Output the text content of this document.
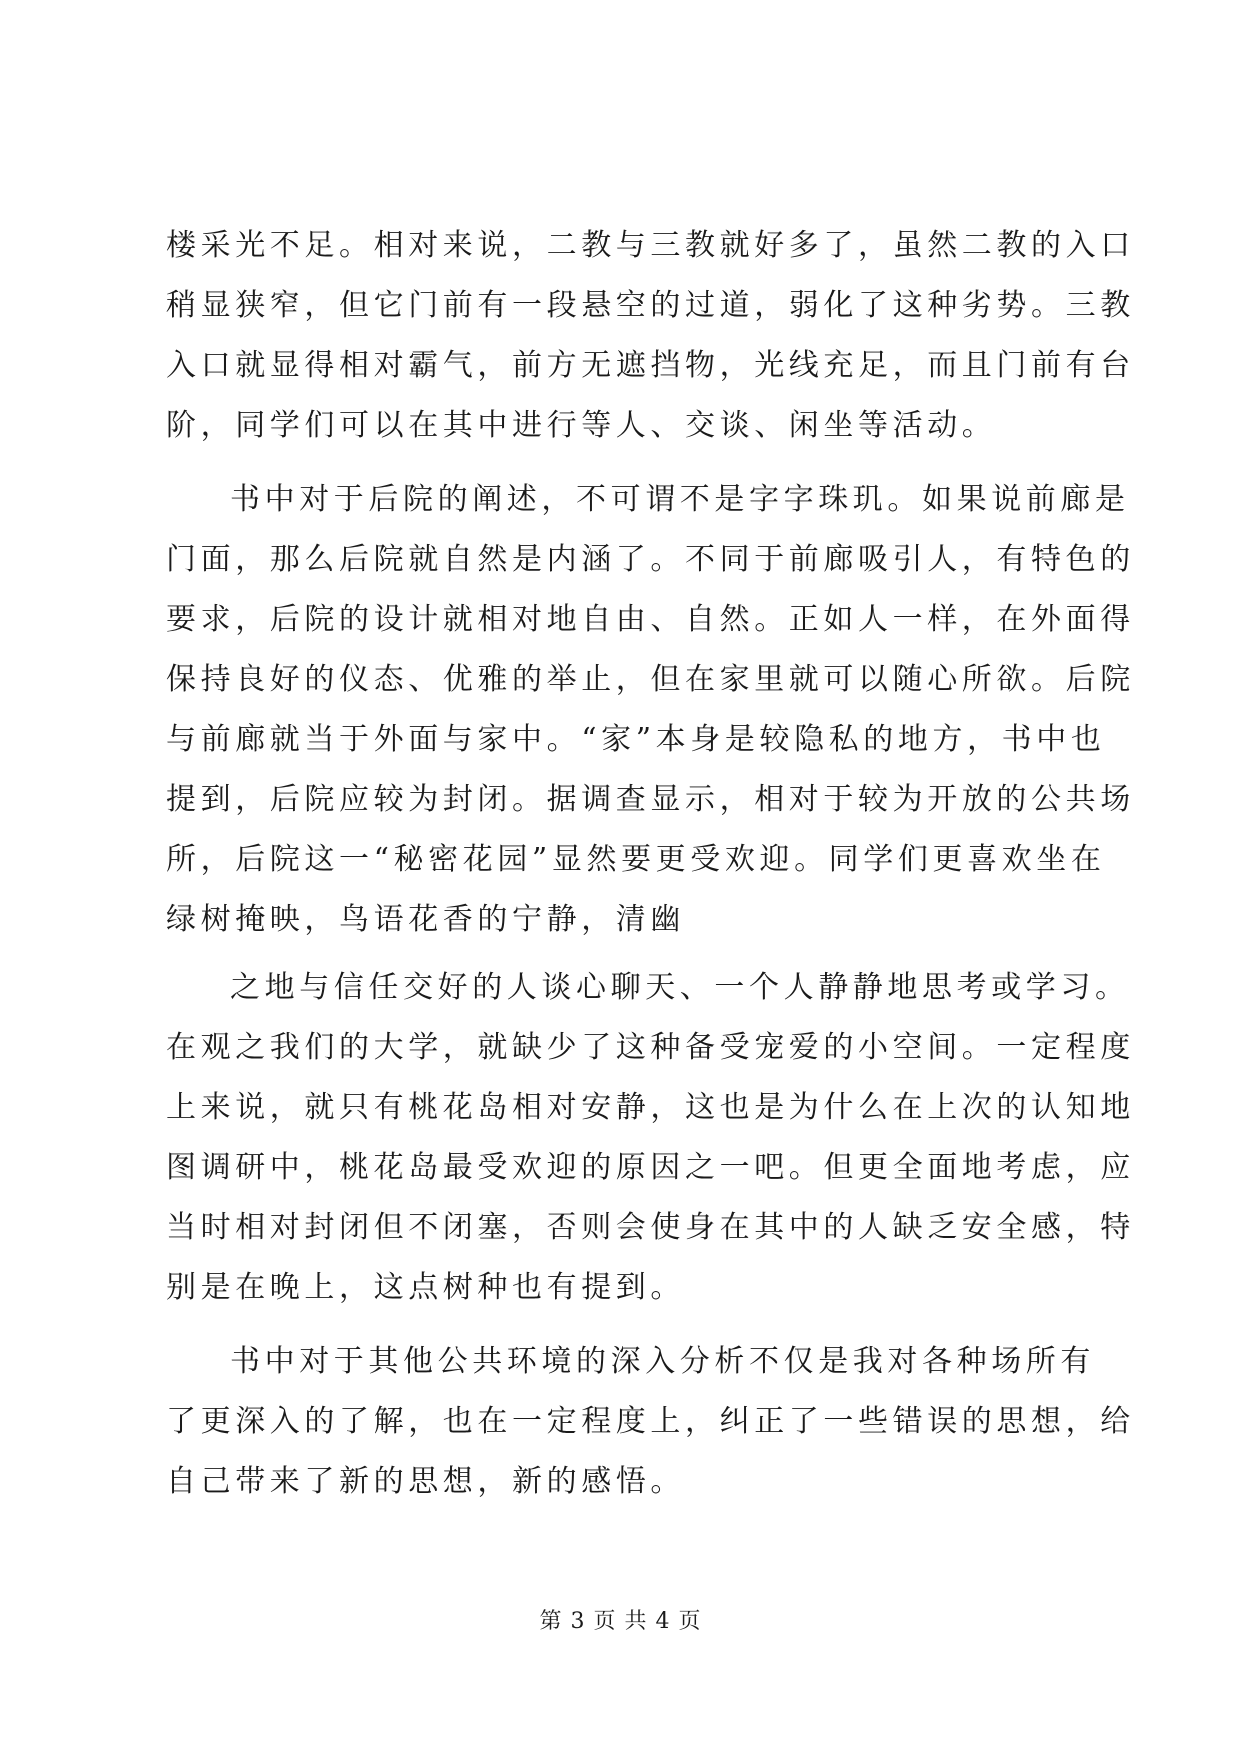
楼采光不足。相对来说，二教与三教就好多了，虽然二教的入口
稍显狭窄，但它门前有一段悬空的过道，弱化了这种劣势。三教
入口就显得相对霸气，前方无遮挡物，光线充足，而且门前有台
阶，同学们可以在其中进行等人、交谈、闲坐等活动。
书中对于后院的阐述，不可谓不是字字珠玑。如果说前廊是
门面，那么后院就自然是内涵了。不同于前廊吸引人，有特色的
要求，后院的设计就相对地自由、自然。正如人一样，在外面得
保持良好的仪态、优雅的举止，但在家里就可以随心所欲。后院
与前廊就当于外面与家中。“家”本身是较隐私的地方，书中也
提到，后院应较为封闭。据调查显示，相对于较为开放的公共场
所，后院这一“秘密花园”显然要更受欢迎。同学们更喜欢坐在
绿树掩映，鸟语花香的宁静，清幽
之地与信任交好的人谈心聊天、一个人静静地思考或学习。
在观之我们的大学，就缺少了这种备受宠爱的小空间。一定程度
上来说，就只有桃花岛相对安静，这也是为什么在上次的认知地
图调研中，桃花岛最受欢迎的原因之一吧。但更全面地考虑，应
当时相对封闭但不闭塞，否则会使身在其中的人缺乏安全感，特
别是在晚上，这点树种也有提到。
书中对于其他公共环境的深入分析不仅是我对各种场所有
了更深入的了解，也在一定程度上，纠正了一些错误的思想，给
自己带来了新的思想，新的感悟。
第 3 页 共 4 页
